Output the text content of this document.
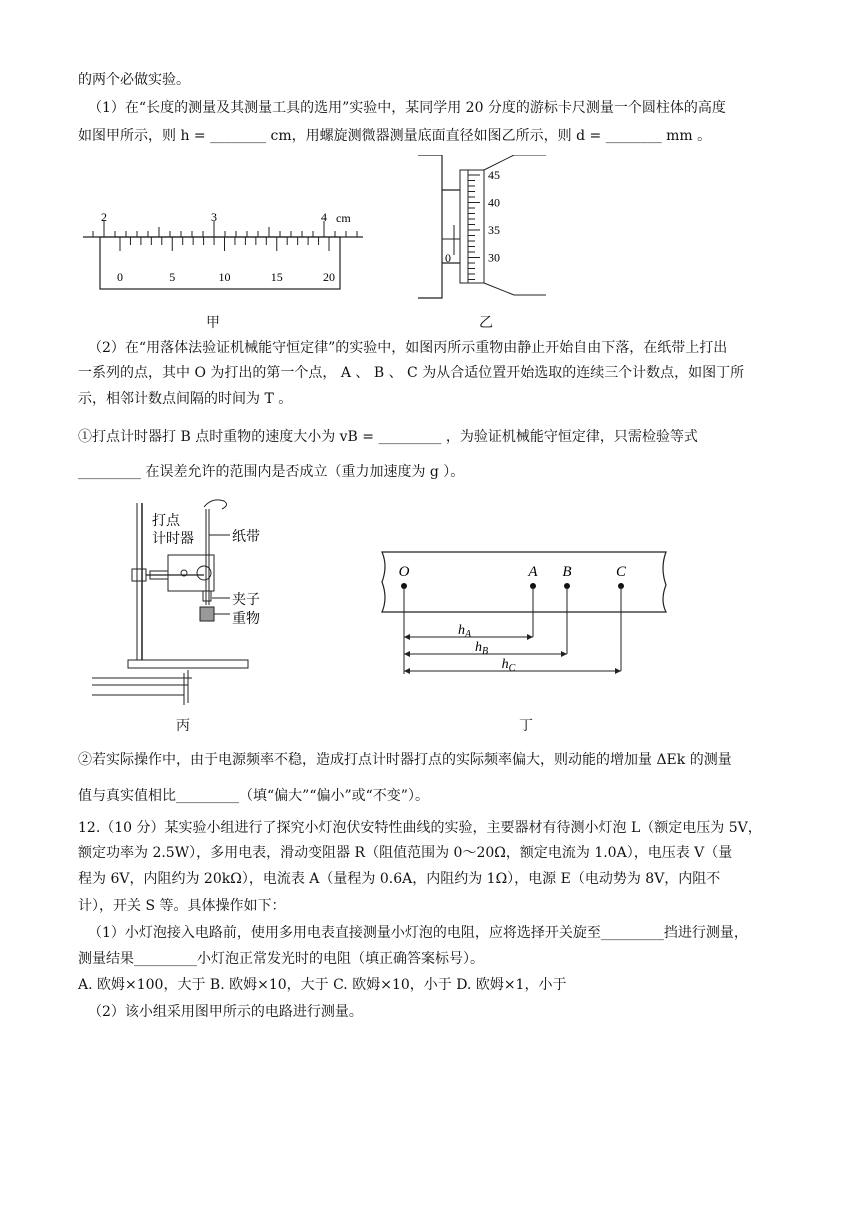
的两个必做实验。
（1）在“长度的测量及其测量工具的选用”实验中，某同学用 20 分度的游标卡尺测量一个圆柱体的高度
如图甲所示，则 h = ________ cm，用螺旋测微器测量底面直径如图乙所示，则 d = ________ mm 。
2	3	4 cm
0	5	10	15	20
甲
0
45
40
35
30
乙
（2）在“用落体法验证机械能守恒定律”的实验中，如图丙所示重物由静止开始自由下落，在纸带上打出
一系列的点，其中 O 为打出的第一个点， A 、 B 、 C 为从合适位置开始选取的连续三个计数点，如图丁所
示，相邻计数点间隔的时间为 T 。
①打点计时器打 B 点时重物的速度大小为 vB = _________ ，为验证机械能守恒定律，只需检验等式
_________ 在误差允许的范围内是否成立（重力加速度为 g ）。
打点
计时器	纸带
夹子
重物
丙
O	A B	C
$h_A$
$h_B$
$h_C$
丁
②若实际操作中，由于电源频率不稳，造成打点计时器打点的实际频率偏大，则动能的增加量 ΔEk 的测量
值与真实值相比_________（填“偏大”“偏小”或“不变”）。
12.（10 分）某实验小组进行了探究小灯泡伏安特性曲线的实验，主要器材有待测小灯泡 L（额定电压为 5V，
额定功率为 2.5W），多用电表，滑动变阻器 R（阻值范围为 0～20Ω，额定电流为 1.0A），电压表 V（量
程为 6V，内阻约为 20kΩ），电流表 A（量程为 0.6A，内阻约为 1Ω），电源 E（电动势为 8V，内阻不
计），开关 S 等。具体操作如下：
（1）小灯泡接入电路前，使用多用电表直接测量小灯泡的电阻，应将选择开关旋至_________挡进行测量，
测量结果_________小灯泡正常发光时的电阻（填正确答案标号）。
A. 欧姆×100，大于 B. 欧姆×10，大于 C. 欧姆×10，小于 D. 欧姆×1，小于
（2）该小组采用图甲所示的电路进行测量。
